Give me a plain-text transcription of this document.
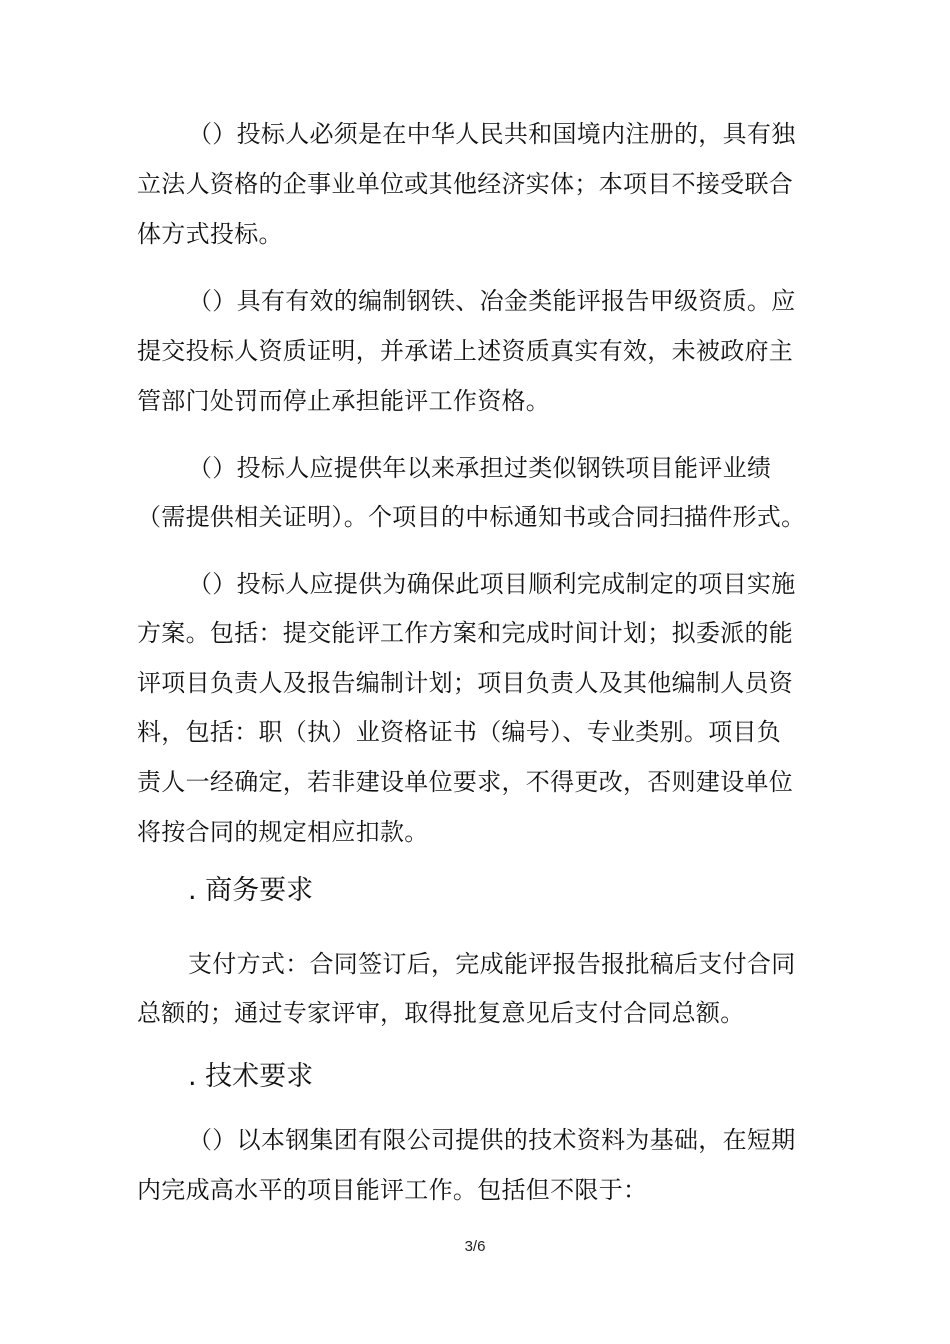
（）投标人必须是在中华人民共和国境内注册的，具有独
立法人资格的企事业单位或其他经济实体；本项目不接受联合
体方式投标。
（）具有有效的编制钢铁、冶金类能评报告甲级资质。应
提交投标人资质证明，并承诺上述资质真实有效，未被政府主
管部门处罚而停止承担能评工作资格。
（）投标人应提供年以来承担过类似钢铁项目能评业绩
（需提供相关证明）。个项目的中标通知书或合同扫描件形式。
（）投标人应提供为确保此项目顺利完成制定的项目实施
方案。包括：提交能评工作方案和完成时间计划；拟委派的能
评项目负责人及报告编制计划；项目负责人及其他编制人员资
料，包括：职（执）业资格证书（编号）、专业类别。项目负
责人一经确定，若非建设单位要求，不得更改，否则建设单位
将按合同的规定相应扣款。
. 商务要求
支付方式：合同签订后，完成能评报告报批稿后支付合同
总额的；通过专家评审，取得批复意见后支付合同总额。
. 技术要求
（）以本钢集团有限公司提供的技术资料为基础，在短期
内完成高水平的项目能评工作。包括但不限于：
3/6
